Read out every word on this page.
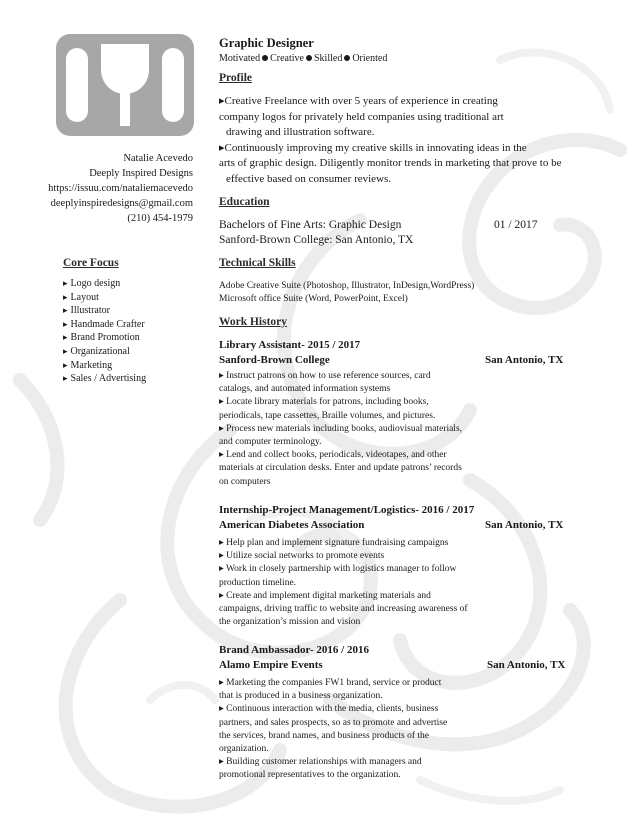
Natalie Acevedo
Deeply Inspired Designs
https://issuu.com/nataliemacevedo
deeplyinspiredesigns@gmail.com
(210) 454-1979
Core Focus
▸ Logo design
▸ Layout
▸ Illustrator
▸ Handmade Crafter
▸ Brand Promotion
▸ Organizational
▸ Marketing
▸ Sales / Advertising
Graphic Designer
Motivated Creative Skilled Oriented
Profile

▸Creative Freelance with over 5 years of experience in creating

company logos for privately held companies using traditional art

drawing and illustration software.

▸Continuously improving my creative skills in innovating ideas in the

arts of graphic design. Diligently monitor trends in marketing that prove to be

effective based on consumer reviews.

Education
Bachelors of Fine Arts: Graphic Design	01 / 2017
Sanford-Brown College: San Antonio, TX
Technical Skills
Adobe Creative Suite (Photoshop, Illustrator, InDesign,WordPress)
Microsoft office Suite (Word, PowerPoint, Excel)
Work History
Library Assistant- 2015 / 2017
Sanford-Brown College	San Antonio, TX

▸ Instruct patrons on how to use reference sources, card

catalogs, and automated information systems

▸ Locate library materials for patrons, including books,

periodicals, tape cassettes, Braille volumes, and pictures.

▸ Process new materials including books, audiovisual materials,

and computer terminology.

▸ Lend and collect books, periodicals, videotapes, and other

materials at circulation desks. Enter and update patrons’ records

on computers

Internship-Project Management/Logistics- 2016 / 2017
American Diabetes Association	San Antonio, TX

▸ Help plan and implement signature fundraising campaigns

▸ Utilize social networks to promote events

▸ Work in closely partnership with logistics manager to follow

production timeline.

▸ Create and implement digital marketing materials and

campaigns, driving traffic to website and increasing awareness of

the organization’s mission and vision

Brand Ambassador- 2016 / 2016
Alamo Empire Events	San Antonio, TX

▸ Marketing the companies FW1 brand, service or product

that is produced in a business organization.

▸ Continuous interaction with the media, clients, business

partners, and sales prospects, so as to promote and advertise

the services, brand names, and business products of the

organization.

▸ Building customer relationships with managers and

promotional representatives to the organization.
